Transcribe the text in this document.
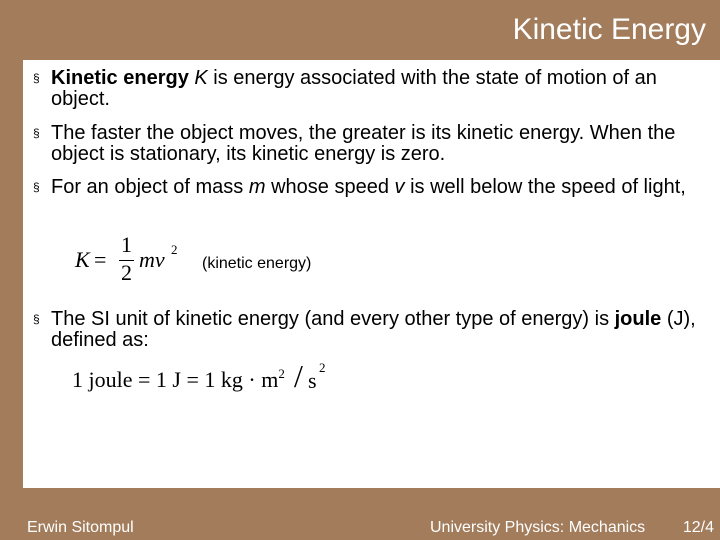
Kinetic Energy
§ Kinetic energy K is energy associated with the state of motion of an object.
§ The faster the object moves, the greater is its kinetic energy. When the object is stationary, its kinetic energy is zero.
§ For an object of mass m whose speed v is well below the speed of light,
§ The SI unit of kinetic energy (and every other type of energy) is joule (J), defined as:
K =
1
2
mv 2
(kinetic energy)
1 joule = 1 J = 1 kg · $m^2$ / s
2
Erwin Sitompul	University Physics: Mechanics 12/4
